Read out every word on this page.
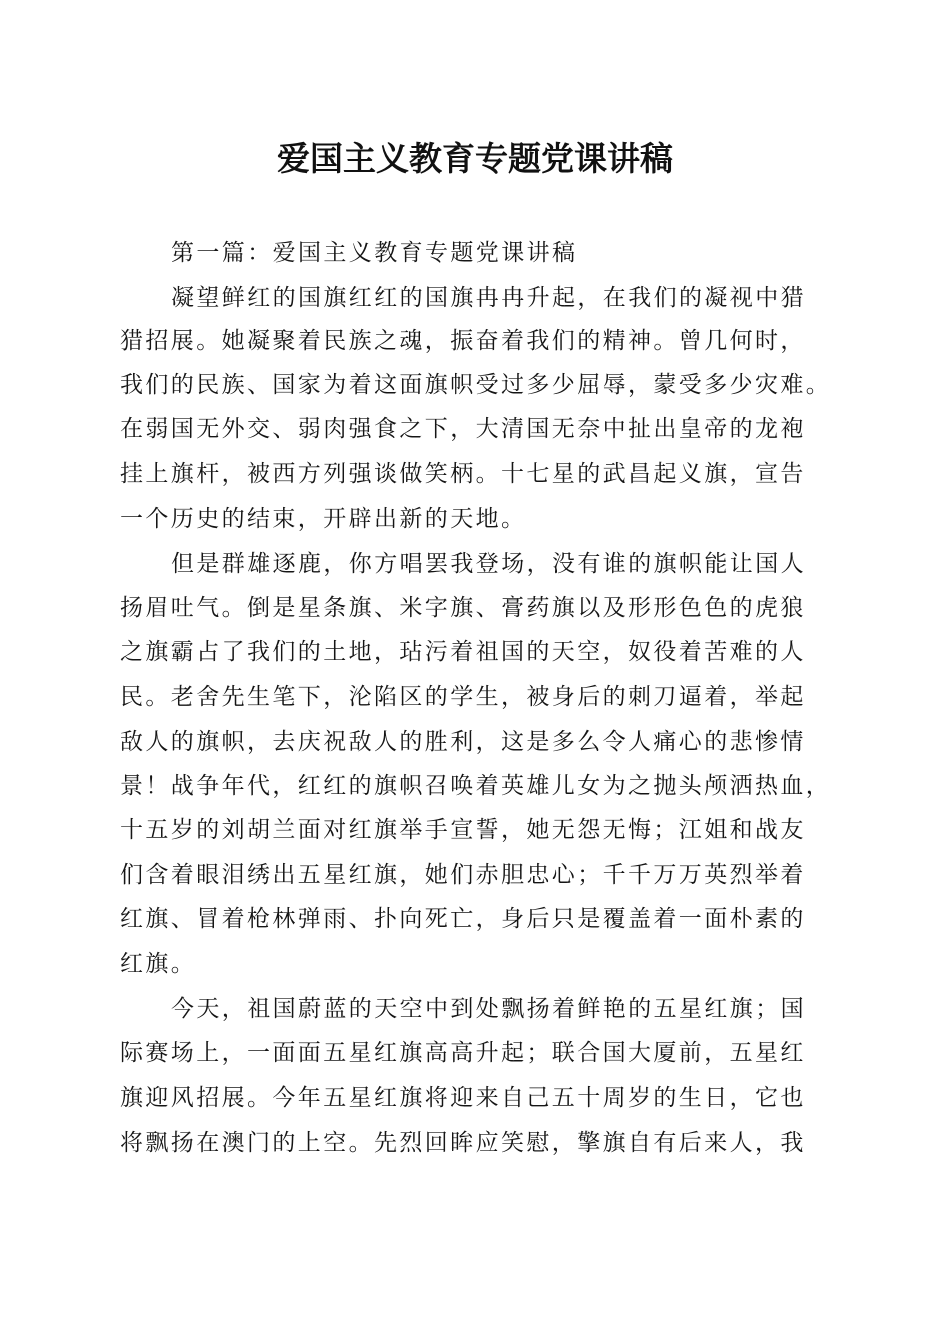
爱国主义教育专题党课讲稿
第一篇：爱国主义教育专题党课讲稿
凝望鲜红的国旗红红的国旗冉冉升起，在我们的凝视中猎
猎招展。她凝聚着民族之魂，振奋着我们的精神。曾几何时，
我们的民族、国家为着这面旗帜受过多少屈辱，蒙受多少灾难。
在弱国无外交、弱肉强食之下，大清国无奈中扯出皇帝的龙袍
挂上旗杆，被西方列强谈做笑柄。十七星的武昌起义旗，宣告
一个历史的结束，开辟出新的天地。
但是群雄逐鹿，你方唱罢我登场，没有谁的旗帜能让国人
扬眉吐气。倒是星条旗、米字旗、膏药旗以及形形色色的虎狼
之旗霸占了我们的土地，玷污着祖国的天空，奴役着苦难的人
民。老舍先生笔下，沦陷区的学生，被身后的刺刀逼着，举起
敌人的旗帜，去庆祝敌人的胜利，这是多么令人痛心的悲惨情
景！战争年代，红红的旗帜召唤着英雄儿女为之抛头颅洒热血，
十五岁的刘胡兰面对红旗举手宣誓，她无怨无悔；江姐和战友
们含着眼泪绣出五星红旗，她们赤胆忠心；千千万万英烈举着
红旗、冒着枪林弹雨、扑向死亡，身后只是覆盖着一面朴素的
红旗。
今天，祖国蔚蓝的天空中到处飘扬着鲜艳的五星红旗；国
际赛场上，一面面五星红旗高高升起；联合国大厦前，五星红
旗迎风招展。今年五星红旗将迎来自己五十周岁的生日，它也
将飘扬在澳门的上空。先烈回眸应笑慰，擎旗自有后来人，我
